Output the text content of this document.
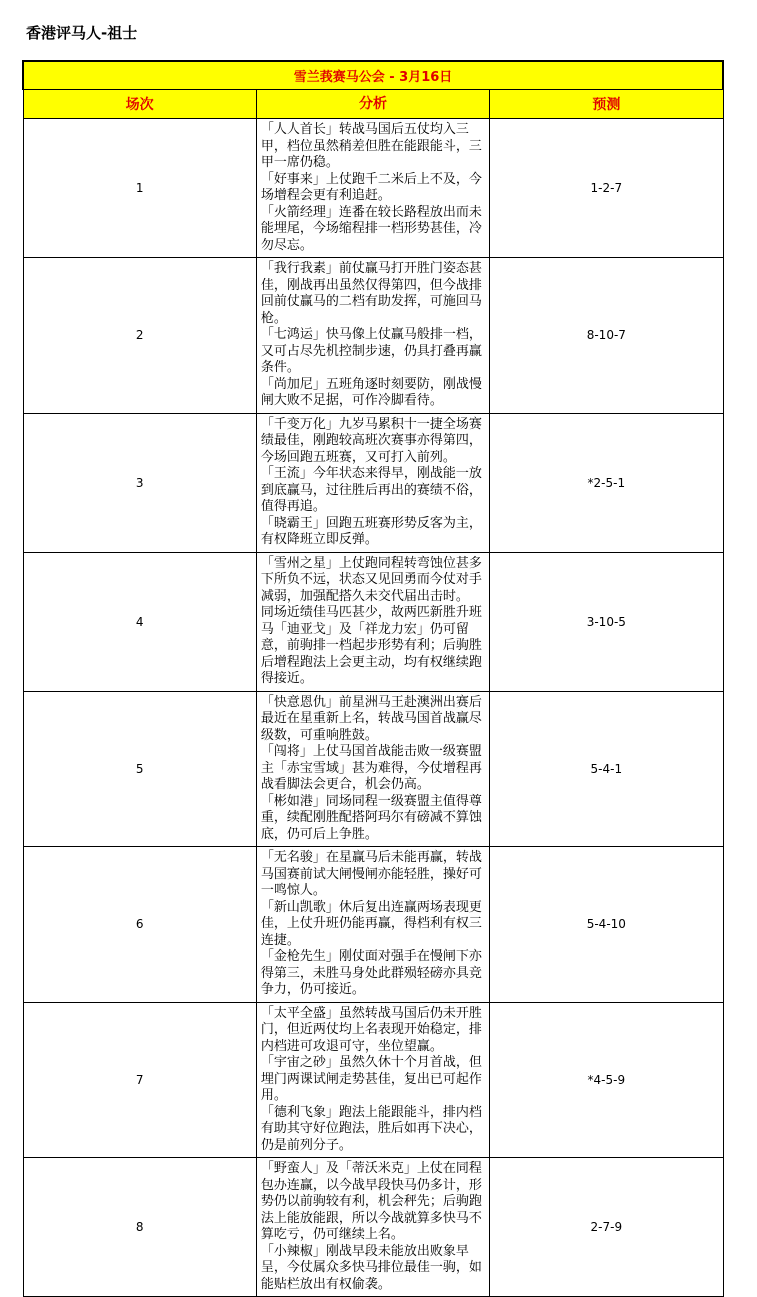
香港评马人-祖士
雪兰莪赛马公会 - 3月16日		
场次	分析	预测
1	「人人首长」转战马国后五仗均入三甲，档位虽然稍差但胜在能跟能斗，三甲一席仍稳。
「好事来」上仗跑千二米后上不及，今场增程会更有利追赶。
「火箭经理」连番在较长路程放出而未能埋尾，今场缩程排一档形势甚佳，冷勿尽忘。	1-2-7
2	「我行我素」前仗赢马打开胜门姿态甚佳，刚战再出虽然仅得第四，但今战排回前仗赢马的二档有助发挥，可施回马枪。
「七鸿运」快马像上仗赢马般排一档，又可占尽先机控制步速，仍具打叠再赢条件。
「尚加尼」五班角逐时刻要防，刚战慢闸大败不足据，可作冷脚看待。	8-10-7
3	「千变万化」九岁马累积十一捷全场赛绩最佳，刚跑较高班次赛事亦得第四，今场回跑五班赛，又可打入前列。
「王流」今年状态来得早，刚战能一放到底赢马，过往胜后再出的赛绩不俗，值得再追。
「晓霸王」回跑五班赛形势反客为主，有权降班立即反弹。	*2-5-1
4	「雪州之星」上仗跑同程转弯蚀位甚多下所负不远，状态又见回勇而今仗对手减弱，加强配搭久未交代届出击时。
同场近绩佳马匹甚少，故两匹新胜升班马「迪亚戈」及「祥龙力宏」仍可留意，前驹排一档起步形势有利；后驹胜后增程跑法上会更主动，均有权继续跑得接近。	3-10-5
5	「快意恩仇」前星洲马王赴澳洲出赛后最近在星重新上名，转战马国首战赢尽级数，可重响胜鼓。
「闯将」上仗马国首战能击败一级赛盟主「赤宝雪域」甚为难得，今仗增程再战看脚法会更合，机会仍高。
「彬如港」同场同程一级赛盟主值得尊重，续配刚胜配搭阿玛尔有磅减不算蚀底，仍可后上争胜。	5-4-1
6	「无名骏」在星赢马后未能再赢，转战马国赛前试大闸慢闸亦能轻胜，操好可一鸣惊人。
「新山凯歌」休后复出连赢两场表现更佳，上仗升班仍能再赢，得档利有权三连捷。
「金枪先生」刚仗面对强手在慢闸下亦得第三，未胜马身处此群殒轻磅亦具竞争力，仍可接近。	5-4-10
7	「太平全盛」虽然转战马国后仍未开胜门，但近两仗均上名表现开始稳定，排内档进可攻退可守，坐位望赢。
「宇宙之砂」虽然久休十个月首战，但埋门两课试闸走势甚佳，复出已可起作用。
「德利飞象」跑法上能跟能斗，排内档有助其守好位跑法，胜后如再下决心，仍是前列分子。	*4-5-9
8	「野蛮人」及「蒂沃米克」上仗在同程包办连赢，以今战早段快马仍多计，形势仍以前驹较有利，机会秤先；后驹跑法上能放能跟，所以今战就算多快马不算吃亏，仍可继续上名。
「小辣椒」刚战早段未能放出败象早呈，今仗属众多快马排位最佳一驹，如能贴栏放出有权偷袭。	2-7-9
